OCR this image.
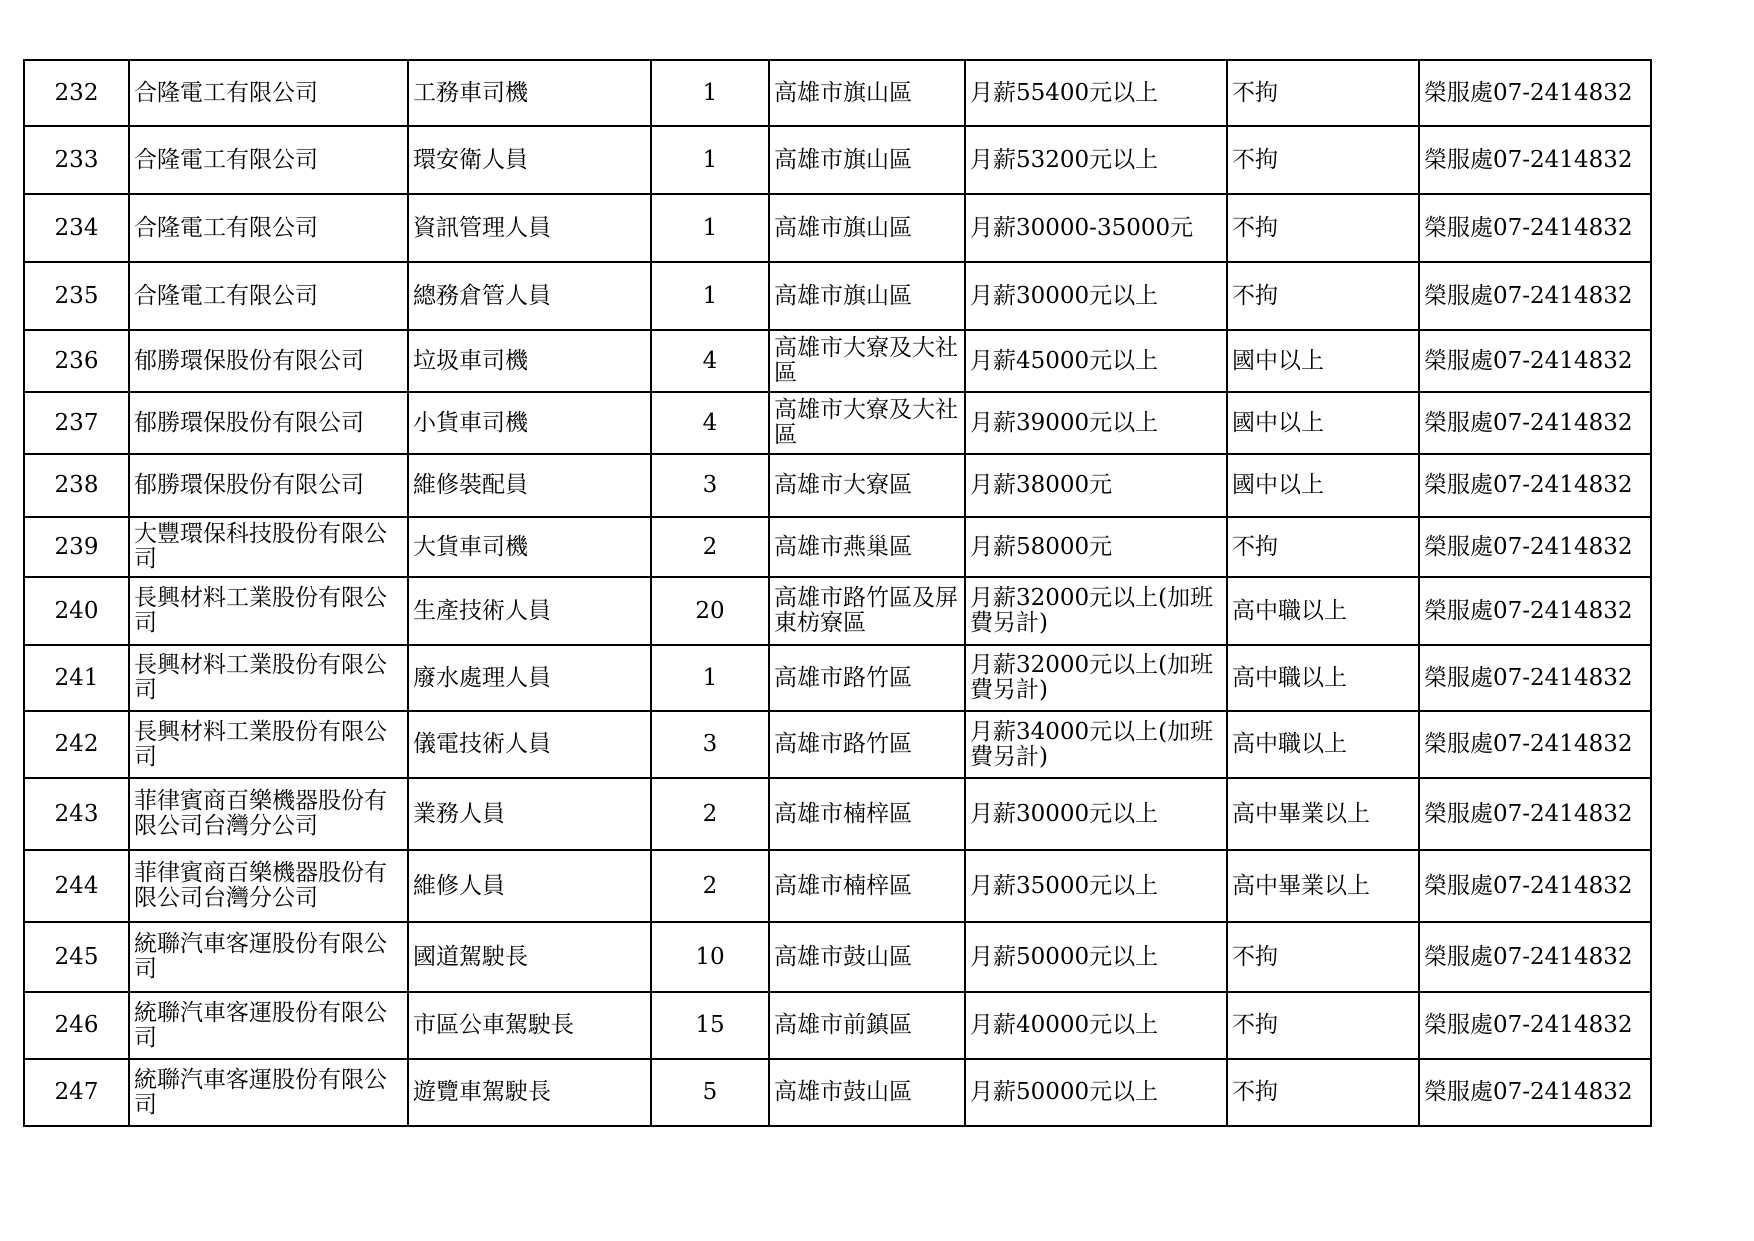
232	合隆電工有限公司	工務車司機	1	高雄市旗山區	月薪55400元以上	不拘	榮服處07-2414832
233	合隆電工有限公司	環安衛人員	1	高雄市旗山區	月薪53200元以上	不拘	榮服處07-2414832
234	合隆電工有限公司	資訊管理人員	1	高雄市旗山區	月薪30000-35000元	不拘	榮服處07-2414832
235	合隆電工有限公司	總務倉管人員	1	高雄市旗山區	月薪30000元以上	不拘	榮服處07-2414832
236	郁勝環保股份有限公司	垃圾車司機	4	高雄市大寮及大社區	月薪45000元以上	國中以上	榮服處07-2414832
237	郁勝環保股份有限公司	小貨車司機	4	高雄市大寮及大社區	月薪39000元以上	國中以上	榮服處07-2414832
238	郁勝環保股份有限公司	維修裝配員	3	高雄市大寮區	月薪38000元	國中以上	榮服處07-2414832
239	大豐環保科技股份有限公司	大貨車司機	2	高雄市燕巢區	月薪58000元	不拘	榮服處07-2414832
240	長興材料工業股份有限公司	生產技術人員	20	高雄市路竹區及屏東枋寮區	月薪32000元以上(加班費另計)	高中職以上	榮服處07-2414832
241	長興材料工業股份有限公司	廢水處理人員	1	高雄市路竹區	月薪32000元以上(加班費另計)	高中職以上	榮服處07-2414832
242	長興材料工業股份有限公司	儀電技術人員	3	高雄市路竹區	月薪34000元以上(加班費另計)	高中職以上	榮服處07-2414832
243	菲律賓商百樂機器股份有限公司台灣分公司	業務人員	2	高雄市楠梓區	月薪30000元以上	高中畢業以上	榮服處07-2414832
244	菲律賓商百樂機器股份有限公司台灣分公司	維修人員	2	高雄市楠梓區	月薪35000元以上	高中畢業以上	榮服處07-2414832
245	統聯汽車客運股份有限公司	國道駕駛長	10	高雄市鼓山區	月薪50000元以上	不拘	榮服處07-2414832
246	統聯汽車客運股份有限公司	市區公車駕駛長	15	高雄市前鎮區	月薪40000元以上	不拘	榮服處07-2414832
247	統聯汽車客運股份有限公司	遊覽車駕駛長	5	高雄市鼓山區	月薪50000元以上	不拘	榮服處07-2414832
